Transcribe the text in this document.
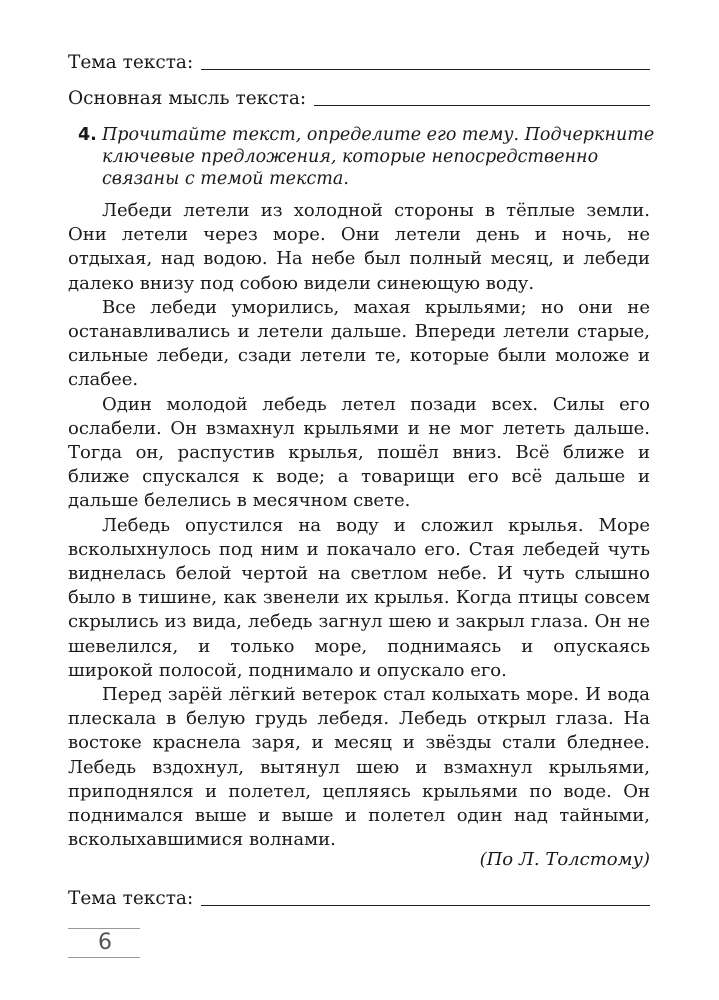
Тема текста:
Основная мысль текста:
4. Прочитайте текст, определите его тему. Подчеркните ключевые предложения, которые непосредственно связаны с темой текста.

Лебеди летели из холодной стороны в тёплые земли. Они летели через море. Они летели день и ночь, не отдыхая, над водою. На небе был полный месяц, и лебеди далеко внизу под собою видели синеющую воду.

Все лебеди уморились, махая крыльями; но они не останавливались и летели дальше. Впереди летели старые, сильные лебеди, сзади летели те, которые были моложе и слабее.

Один молодой лебедь летел позади всех. Силы его ослабели. Он взмахнул крыльями и не мог лететь дальше. Тогда он, распустив крылья, пошёл вниз. Всё ближе и ближе спускался к воде; а товарищи его всё дальше и дальше белелись в месячном свете.

Лебедь опустился на воду и сложил крылья. Море всколыхнулось под ним и покачало его. Стая лебедей чуть виднелась белой чертой на светлом небе. И чуть слышно было в тишине, как звенели их крылья. Когда птицы совсем скрылись из вида, лебедь загнул шею и закрыл глаза. Он не шевелился, и только море, поднимаясь и опускаясь широкой полосой, поднимало и опускало его.

Перед зарёй лёгкий ветерок стал колыхать море. И вода плескала в белую грудь лебедя. Лебедь открыл глаза. На востоке краснела заря, и месяц и звёзды стали бледнее. Лебедь вздохнул, вытянул шею и взмахнул крыльями, приподнялся и полетел, цепляясь крыльями по воде. Он поднимался выше и выше и полетел один над тайными, всколыхавшимися волнами.

(По Л. Толстому)
Тема текста:
6
